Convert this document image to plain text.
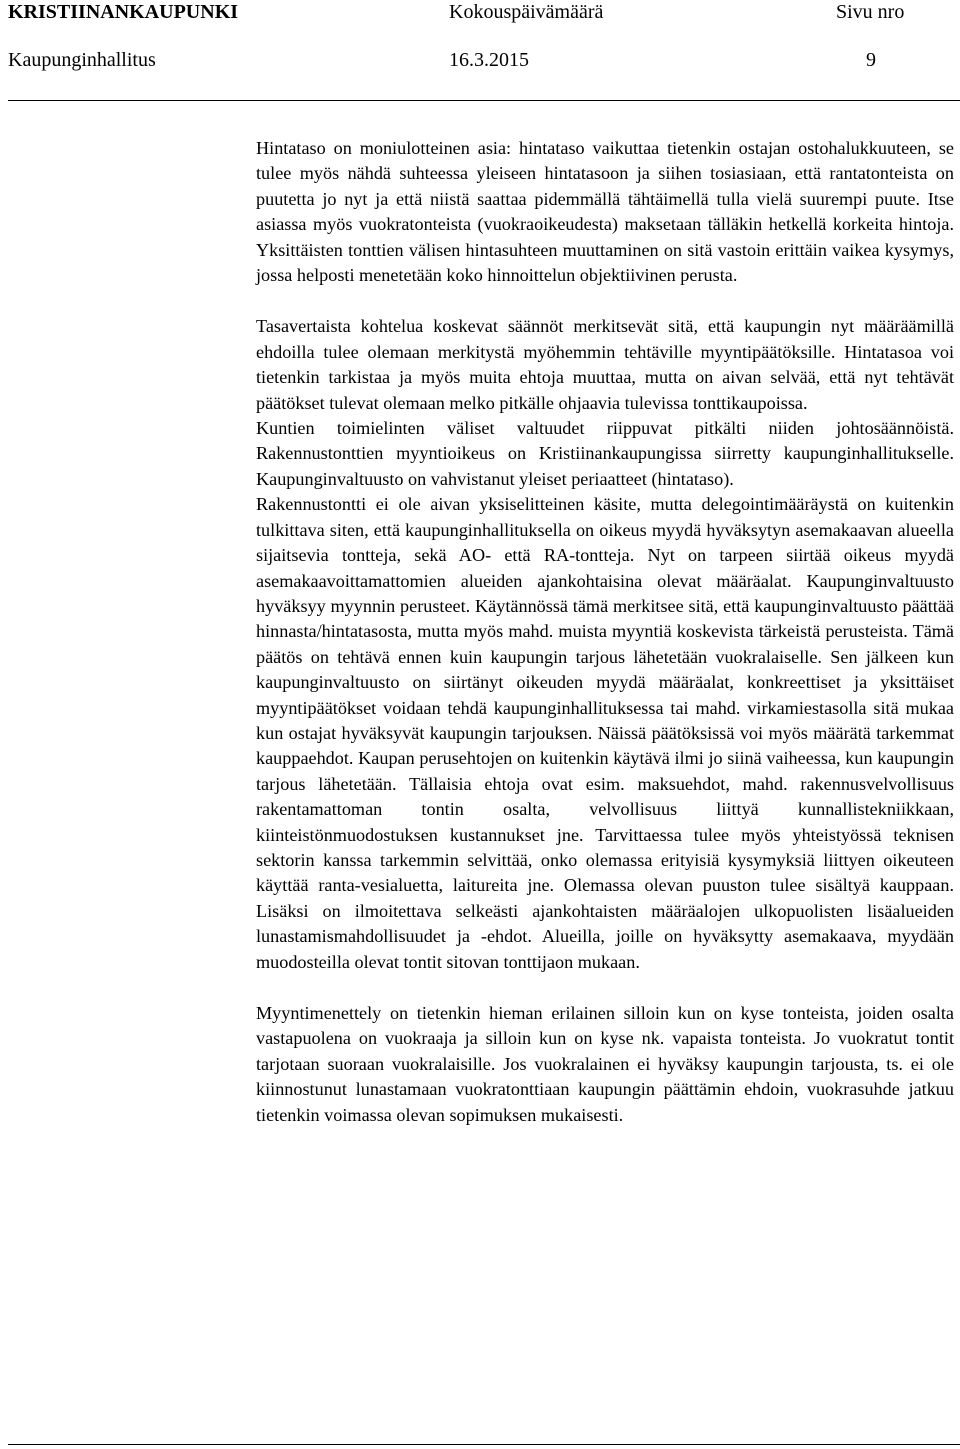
KRISTIINANKAUPUNKI	Kokouspäivämäärä	Sivu nro
Kaupunginhallitus	16.3.2015	9

Hintataso on moniulotteinen asia: hintataso vaikuttaa tietenkin ostajan ostohalukkuuteen, se tulee myös nähdä suhteessa yleiseen hintatasoon ja siihen tosiasiaan, että rantatonteista on puutetta jo nyt ja että niistä saattaa pidemmällä tähtäimellä tulla vielä suurempi puute. Itse asiassa myös vuokratonteista (vuokraoikeudesta) maksetaan tälläkin hetkellä korkeita hintoja. Yksittäisten tonttien välisen hintasuhteen muuttaminen on sitä vastoin erittäin vaikea kysymys, jossa helposti menetetään koko hinnoittelun objektiivinen perusta.

Tasavertaista kohtelua koskevat säännöt merkitsevät sitä, että kaupungin nyt määräämillä ehdoilla tulee olemaan merkitystä myöhemmin tehtäville myyntipäätöksille. Hintatasoa voi tietenkin tarkistaa ja myös muita ehtoja muuttaa, mutta on aivan selvää, että nyt tehtävät päätökset tulevat olemaan melko pitkälle ohjaavia tulevissa tonttikaupoissa.

Kuntien toimielinten väliset valtuudet riippuvat pitkälti niiden johtosäännöistä. Rakennustonttien myyntioikeus on Kristiinankaupungissa siirretty kaupunginhallitukselle. Kaupunginvaltuusto on vahvistanut yleiset periaatteet (hintataso).

Rakennustontti ei ole aivan yksiselitteinen käsite, mutta delegointimääräystä on kuitenkin tulkittava siten, että kaupunginhallituksella on oikeus myydä hyväksytyn asemakaavan alueella sijaitsevia tontteja, sekä AO- että RA-tontteja. Nyt on tarpeen siirtää oikeus myydä asemakaavoittamattomien alueiden ajankohtaisina olevat määräalat. Kaupunginvaltuusto hyväksyy myynnin perusteet. Käytännössä tämä merkitsee sitä, että kaupunginvaltuusto päättää hinnasta/hintatasosta, mutta myös mahd. muista myyntiä koskevista tärkeistä perusteista. Tämä päätös on tehtävä ennen kuin kaupungin tarjous lähetetään vuokralaiselle. Sen jälkeen kun kaupunginvaltuusto on siirtänyt oikeuden myydä määräalat, konkreettiset ja yksittäiset myyntipäätökset voidaan tehdä kaupunginhallituksessa tai mahd. virkamiestasolla sitä mukaa kun ostajat hyväksyvät kaupungin tarjouksen. Näissä päätöksissä voi myös määrätä tarkemmat kauppaehdot. Kaupan perusehtojen on kuitenkin käytävä ilmi jo siinä vaiheessa, kun kaupungin tarjous lähetetään. Tällaisia ehtoja ovat esim. maksuehdot, mahd. rakennusvelvollisuus rakentamattoman tontin osalta, velvollisuus liittyä kunnallistekniikkaan, kiinteistönmuodostuksen kustannukset jne. Tarvittaessa tulee myös yhteistyössä teknisen sektorin kanssa tarkemmin selvittää, onko olemassa erityisiä kysymyksiä liittyen oikeuteen käyttää ranta-vesialuetta, laitureita jne. Olemassa olevan puuston tulee sisältyä kauppaan. Lisäksi on ilmoitettava selkeästi ajankohtaisten määräalojen ulkopuolisten lisäalueiden lunastamismahdollisuudet ja -ehdot. Alueilla, joille on hyväksytty asemakaava, myydään muodosteilla olevat tontit sitovan tonttijaon mukaan.

Myyntimenettely on tietenkin hieman erilainen silloin kun on kyse tonteista, joiden osalta vastapuolena on vuokraaja ja silloin kun on kyse nk. vapaista tonteista. Jo vuokratut tontit tarjotaan suoraan vuokralaisille. Jos vuokralainen ei hyväksy kaupungin tarjousta, ts. ei ole kiinnostunut lunastamaan vuokratonttiaan kaupungin päättämin ehdoin, vuokrasuhde jatkuu tietenkin voimassa olevan sopimuksen mukaisesti.
